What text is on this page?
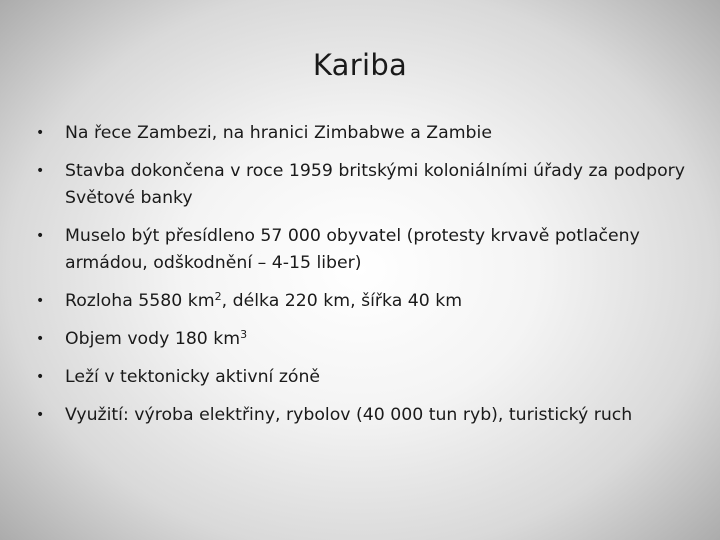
Kariba
• Na řece Zambezi, na hranici Zimbabwe a Zambie
• Stavba dokončena v roce 1959 britskými koloniálními úřady za podpory Světové banky
• Muselo být přesídleno 57 000 obyvatel (protesty krvavě potlačeny armádou, odškodnění – 4-15 liber)
• Rozloha 5580 $km^2$, délka 220 km, šířka 40 km
• Objem vody 180 $km^3$
• Leží v tektonicky aktivní zóně
• Využití: výroba elektřiny, rybolov (40 000 tun ryb), turistický ruch
